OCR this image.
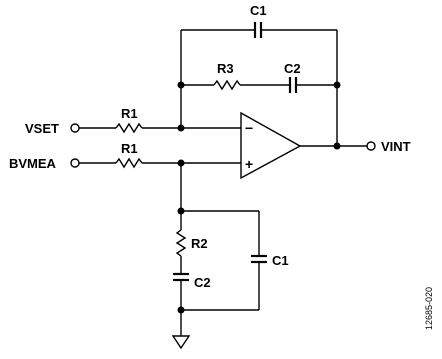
−
+
VSET
R1
BVMEA
R1	VINT
C1
R3	C2
C1
R2
C2
12685-020
